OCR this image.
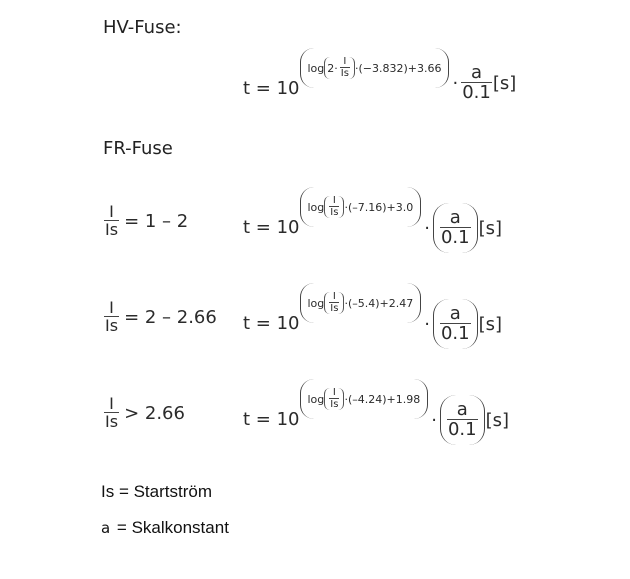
HV-Fuse:
t = 10
$\log 2\cdot \frac{I}{Is} \cdot(-3.832)+3.66$
· $\frac{a}{0.1} [s]$
FR-Fuse
$\frac{I}{Is} = 1 - 2$	t = 10
$\log \frac{I}{Is} \cdot(-7.16)+3.0$
· $\frac{a}{0.1} [s]$
$\frac{I}{Is} = 2 - 2.66$ t = 10
$\log \frac{I}{Is} \cdot(-5.4)+2.47$
· $\frac{a}{0.1} [s]$
$\frac{I}{Is} > 2.66$	t = 10
$\log \frac{I}{Is} \cdot(-4.24)+1.98$
· $\frac{a}{0.1} [s]$
Is = Startström
a = Skalkonstant
